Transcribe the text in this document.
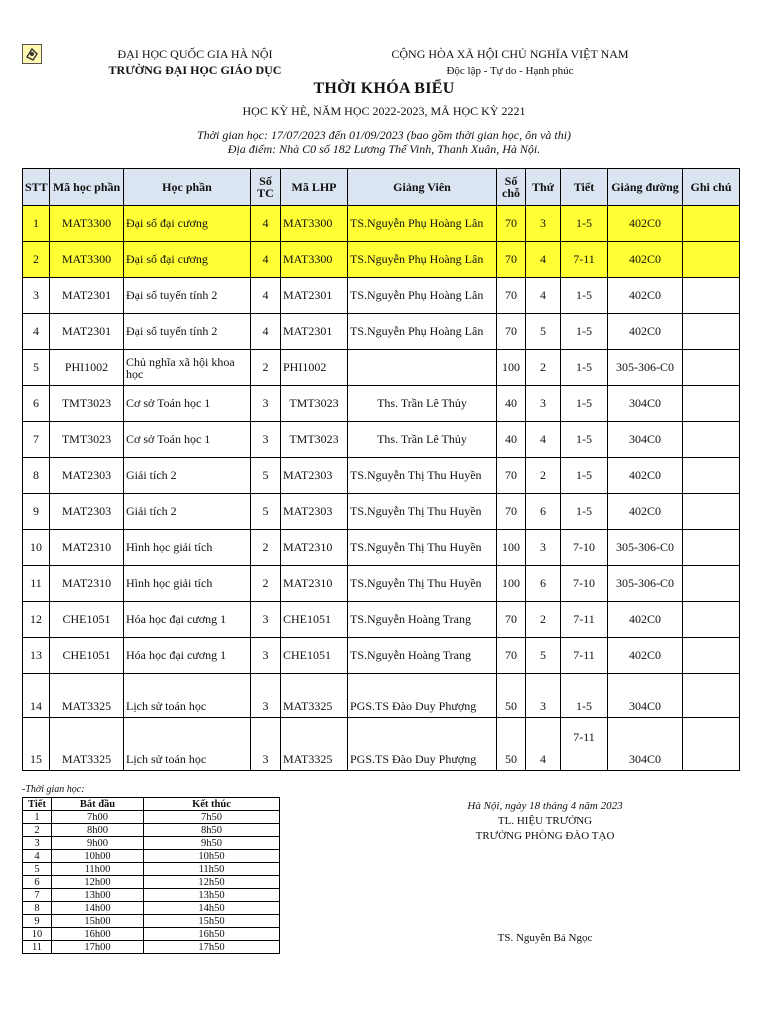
ĐẠI HỌC QUỐC GIA HÀ NỘI
TRƯỜNG ĐẠI HỌC GIÁO DỤC
CỘNG HÒA XÃ HỘI CHỦ NGHĨA VIỆT NAM
Độc lập - Tự do - Hạnh phúc
THỜI KHÓA BIỂU
HỌC KỲ HÈ, NĂM HỌC 2022-2023, MÃ HỌC KỲ 2221
Thời gian học: 17/07/2023 đến 01/09/2023 (bao gồm thời gian học, ôn và thi)
Địa điểm: Nhà C0 số 182 Lương Thế Vinh, Thanh Xuân, Hà Nội.
STT	Mã học phần	Học phần	Số TC	Mã LHP	Giảng Viên	Số chỗ	Thứ	Tiết	Giảng đường	Ghi chú
1	MAT3300	Đại số đại cương	4	MAT3300	TS.Nguyễn Phụ Hoàng Lân	70	3	1-5	402C0	
2	MAT3300	Đại số đại cương	4	MAT3300	TS.Nguyễn Phụ Hoàng Lân	70	4	7-11	402C0	
3	MAT2301	Đại số tuyến tính 2	4	MAT2301	TS.Nguyễn Phụ Hoàng Lân	70	4	1-5	402C0	
4	MAT2301	Đại số tuyến tính 2	4	MAT2301	TS.Nguyễn Phụ Hoàng Lân	70	5	1-5	402C0	
5	PHI1002	Chủ nghĩa xã hội khoa học	2	PHI1002		100	2	1-5	305-306-C0	
6	TMT3023	Cơ sở Toán học 1	3	TMT3023	Ths. Trần Lê Thủy	40	3	1-5	304C0	
7	TMT3023	Cơ sở Toán học 1	3	TMT3023	Ths. Trần Lê Thủy	40	4	1-5	304C0	
8	MAT2303	Giải tích 2	5	MAT2303	TS.Nguyễn Thị Thu Huyền	70	2	1-5	402C0	
9	MAT2303	Giải tích 2	5	MAT2303	TS.Nguyễn Thị Thu Huyền	70	6	1-5	402C0	
10	MAT2310	Hình học giải tích	2	MAT2310	TS.Nguyễn Thị Thu Huyền	100	3	7-10	305-306-C0	
11	MAT2310	Hình học giải tích	2	MAT2310	TS.Nguyễn Thị Thu Huyền	100	6	7-10	305-306-C0	
12	CHE1051	Hóa học đại cương 1	3	CHE1051	TS.Nguyễn Hoàng Trang	70	2	7-11	402C0	
13	CHE1051	Hóa học đại cương 1	3	CHE1051	TS.Nguyễn Hoàng Trang	70	5	7-11	402C0	
14	MAT3325	Lịch sử toán học	3	MAT3325	PGS.TS Đào Duy Phượng	50	3	1-5	304C0	
15	MAT3325	Lịch sử toán học	3	MAT3325	PGS.TS Đào Duy Phượng	50	4	7-11	304C0	
-Thời gian học:
Tiết	Bắt đầu	Kết thúc
1	7h00	7h50
2	8h00	8h50
3	9h00	9h50
4	10h00	10h50
5	11h00	11h50
6	12h00	12h50
7	13h00	13h50
8	14h00	14h50
9	15h00	15h50
10	16h00	16h50
11	17h00	17h50
Hà Nội, ngày 18 tháng 4 năm 2023
TL. HIỆU TRƯỞNG
TRƯỞNG PHÒNG ĐÀO TẠO
TS. Nguyễn Bá Ngọc
